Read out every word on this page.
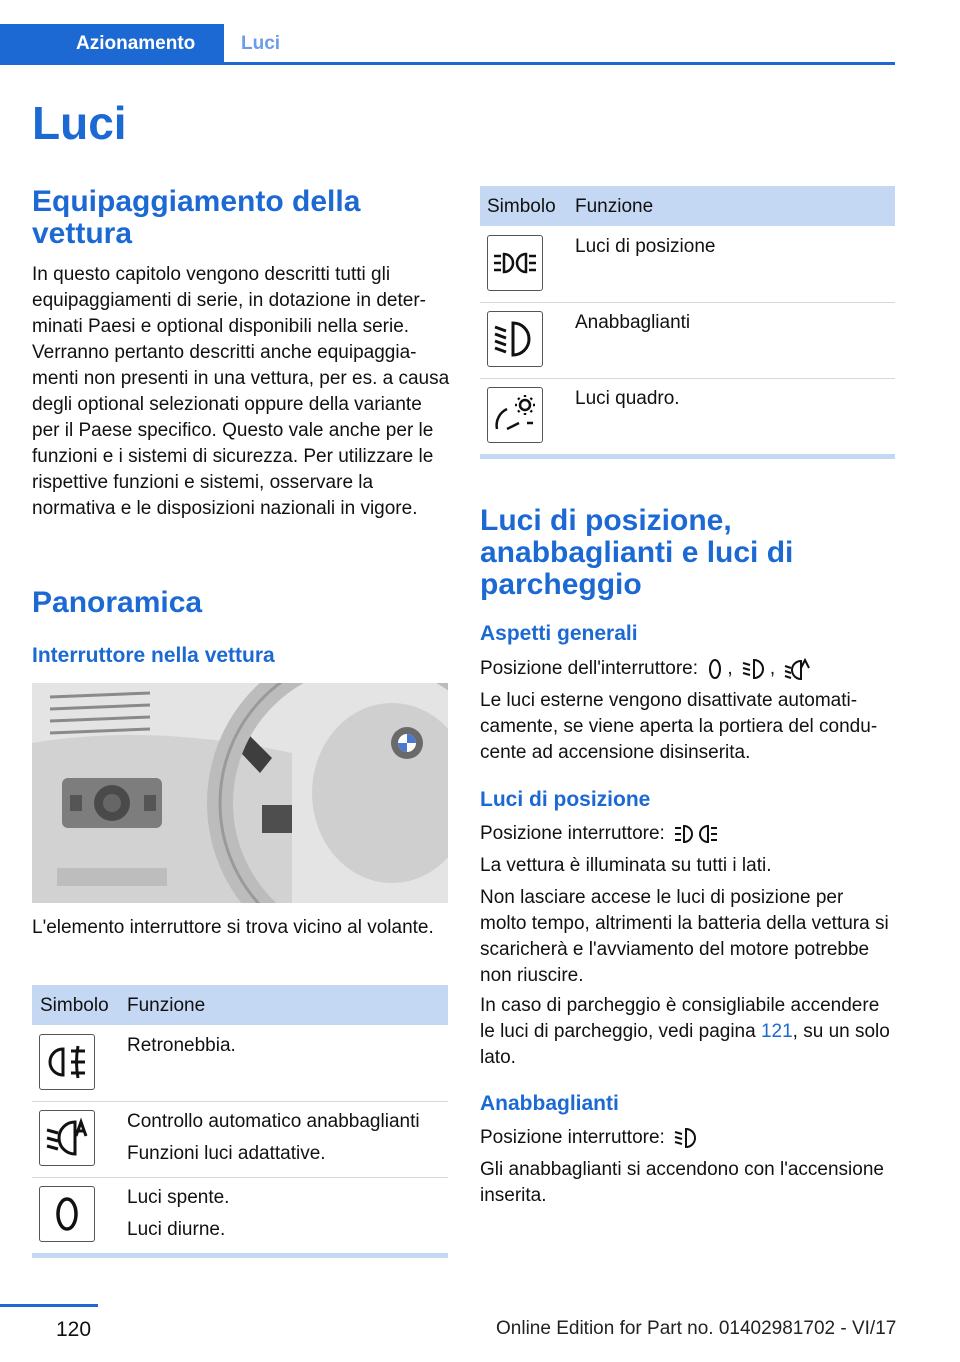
Azionamento Luci
Luci
Equipaggiamento della vettura

In questo capitolo vengono descritti tutti gli equipaggiamenti di serie, in dotazione in determinati Paesi e optional disponibili nella serie. Verranno pertanto descritti anche equipaggiamenti non presenti in una vettura, per es. a causa degli optional selezionati oppure della variante per il Paese specifico. Questo vale anche per le funzioni e i sistemi di sicurezza. Per utilizzare le rispettive funzioni e sistemi, osservare la normativa e le disposizioni nazionali in vigore.

Panoramica
Interruttore nella vettura

L'elemento interruttore si trova vicino al volante.

Simbolo Funzione
Retronebbia.
Controllo automatico anabbaglianti
Funzioni luci adattative.
Luci spente.
Luci diurne.
Simbolo Funzione
Luci di posizione
Anabbaglianti
Luci quadro.
Luci di posizione, anabbaglianti e luci di parcheggio
Aspetti generali

Posizione dell'interruttore: , ,

Le luci esterne vengono disattivate automaticamente, se viene aperta la portiera del conducente ad accensione disinserita.

Luci di posizione

Posizione interruttore:

La vettura è illuminata su tutti i lati.

Non lasciare accese le luci di posizione per molto tempo, altrimenti la batteria della vettura si scaricherà e l'avviamento del motore potrebbe non riuscire.

In caso di parcheggio è consigliabile accendere le luci di parcheggio, vedi pagina 121, su un solo lato.

Anabbaglianti

Posizione interruttore:

Gli anabbaglianti si accendono con l'accensione inserita.

120	Online Edition for Part no. 01402981702 - VI/17
